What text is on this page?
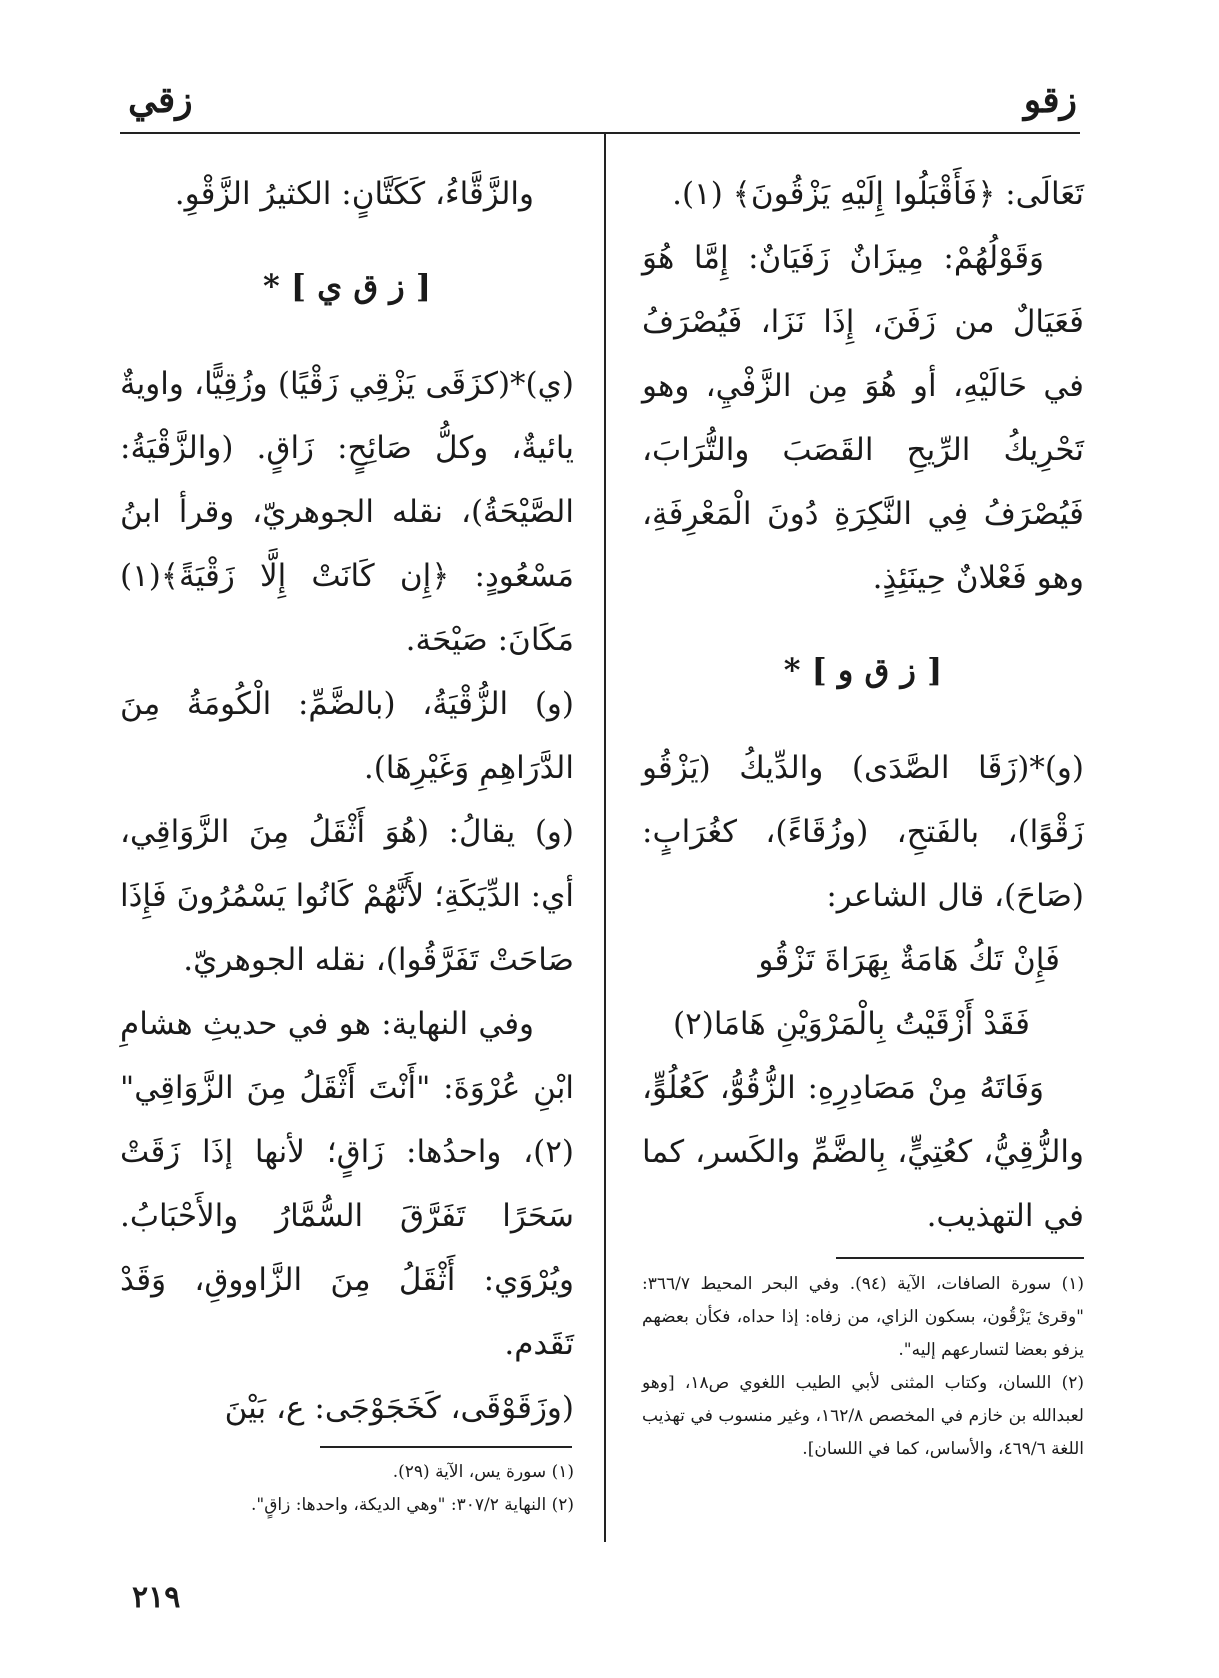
زقو
زقي

تَعَالَى: ﴿فَأَقْبَلُوا إِلَيْهِ يَزْقُونَ﴾ (١).

وَقَوْلُهُمْ: مِيزَانٌ زَفَيَانٌ: إِمَّا هُوَ فَعَيَالٌ من زَفَنَ، إِذَا نَزَا، فَيُصْرَفُ في حَالَيْهِ، أو هُوَ مِن الزَّفْيِ، وهو تَحْرِيكُ الرِّيحِ القَصَبَ والتُّرَابَ، فَيُصْرَفُ فِي النَّكِرَةِ دُونَ الْمَعْرِفَةِ، وهو فَعْلانٌ حِينَئِذٍ.

[ ز ق و ] *

(و)*(زَقَا الصَّدَى) والدِّيكُ (يَزْقُو زَقْوًا)، بالفَتحِ، (وزُقَاءً)، كغُرَابٍ: (صَاحَ)، قال الشاعر:

فَإِنْ تَكُ هَامَةٌ بِهَرَاةَ تَزْقُو

فَقَدْ أَزْقَيْتُ بِالْمَرْوَيْنِ هَامَا(٢)

وَفَاتَهُ مِنْ مَصَادِرِهِ: الزُّقُوُّ، كَعُلُوٍّ، والزُّقِيُّ، كعُتِيٍّ، بِالضَّمِّ والكَسر، كما في التهذيب.

(١) سورة الصافات، الآية (٩٤). وفي البحر المحيط ٣٦٦/٧: "وقرئ يَزْقُون، بسكون الزاي، من زفاه: إذا حداه، فكأن بعضهم يزفو بعضا لتسارعهم إليه".

(٢) اللسان، وكتاب المثنى لأبي الطيب اللغوي ص١٨، [وهو لعبدالله بن خازم في المخصص ١٦٢/٨، وغير منسوب في تهذيب اللغة ٤٦٩/٦، والأساس، كما في اللسان].

والزَّقَّاءُ، كَكَتَّانٍ: الكثيرُ الزَّقْوِ.

[ ز ق ي ] *

(ي)*(كزَقَى يَزْقِي زَقْيًا) وزُقِيًّا، واويةٌ يائيةٌ، وكلُّ صَائِحٍ: زَاقٍ. (والزَّقْيَةُ: الصَّيْحَةُ)، نقله الجوهريّ، وقرأ ابنُ مَسْعُودٍ: ﴿إِن كَانَتْ إِلَّا زَقْيَةً﴾(١) مَكَانَ: صَيْحَة.

(و) الزُّقْيَةُ، (بالضَّمِّ: الْكُومَةُ مِنَ الدَّرَاهِمِ وَغَيْرِهَا).

(و) يقالُ: (هُوَ أَثْقَلُ مِنَ الزَّوَاقِي، أي: الدِّيَكَةِ؛ لأَنَّهُمْ كَانُوا يَسْمُرُونَ فَإِذَا صَاحَتْ تَفَرَّقُوا)، نقله الجوهريّ.

وفي النهاية: هو في حديثِ هشامِ ابْنِ عُرْوَةَ: "أَنْتَ أَثْقَلُ مِنَ الزَّوَاقِي"(٢)، واحدُها: زَاقٍ؛ لأنها إذَا زَقَتْ سَحَرًا تَفَرَّقَ السُّمَّارُ والأَحْبَابُ. ويُرْوَي: أَثْقَلُ مِنَ الزَّاووقِ، وَقَدْ تَقَدم.

(وزَقَوْقَى، كَخَجَوْجَى: ع، بَيْنَ

(١) سورة يس، الآية (٢٩).

(٢) النهاية ٣٠٧/٢: "وهي الديكة، واحدها: زاقٍ".

٢١٩
